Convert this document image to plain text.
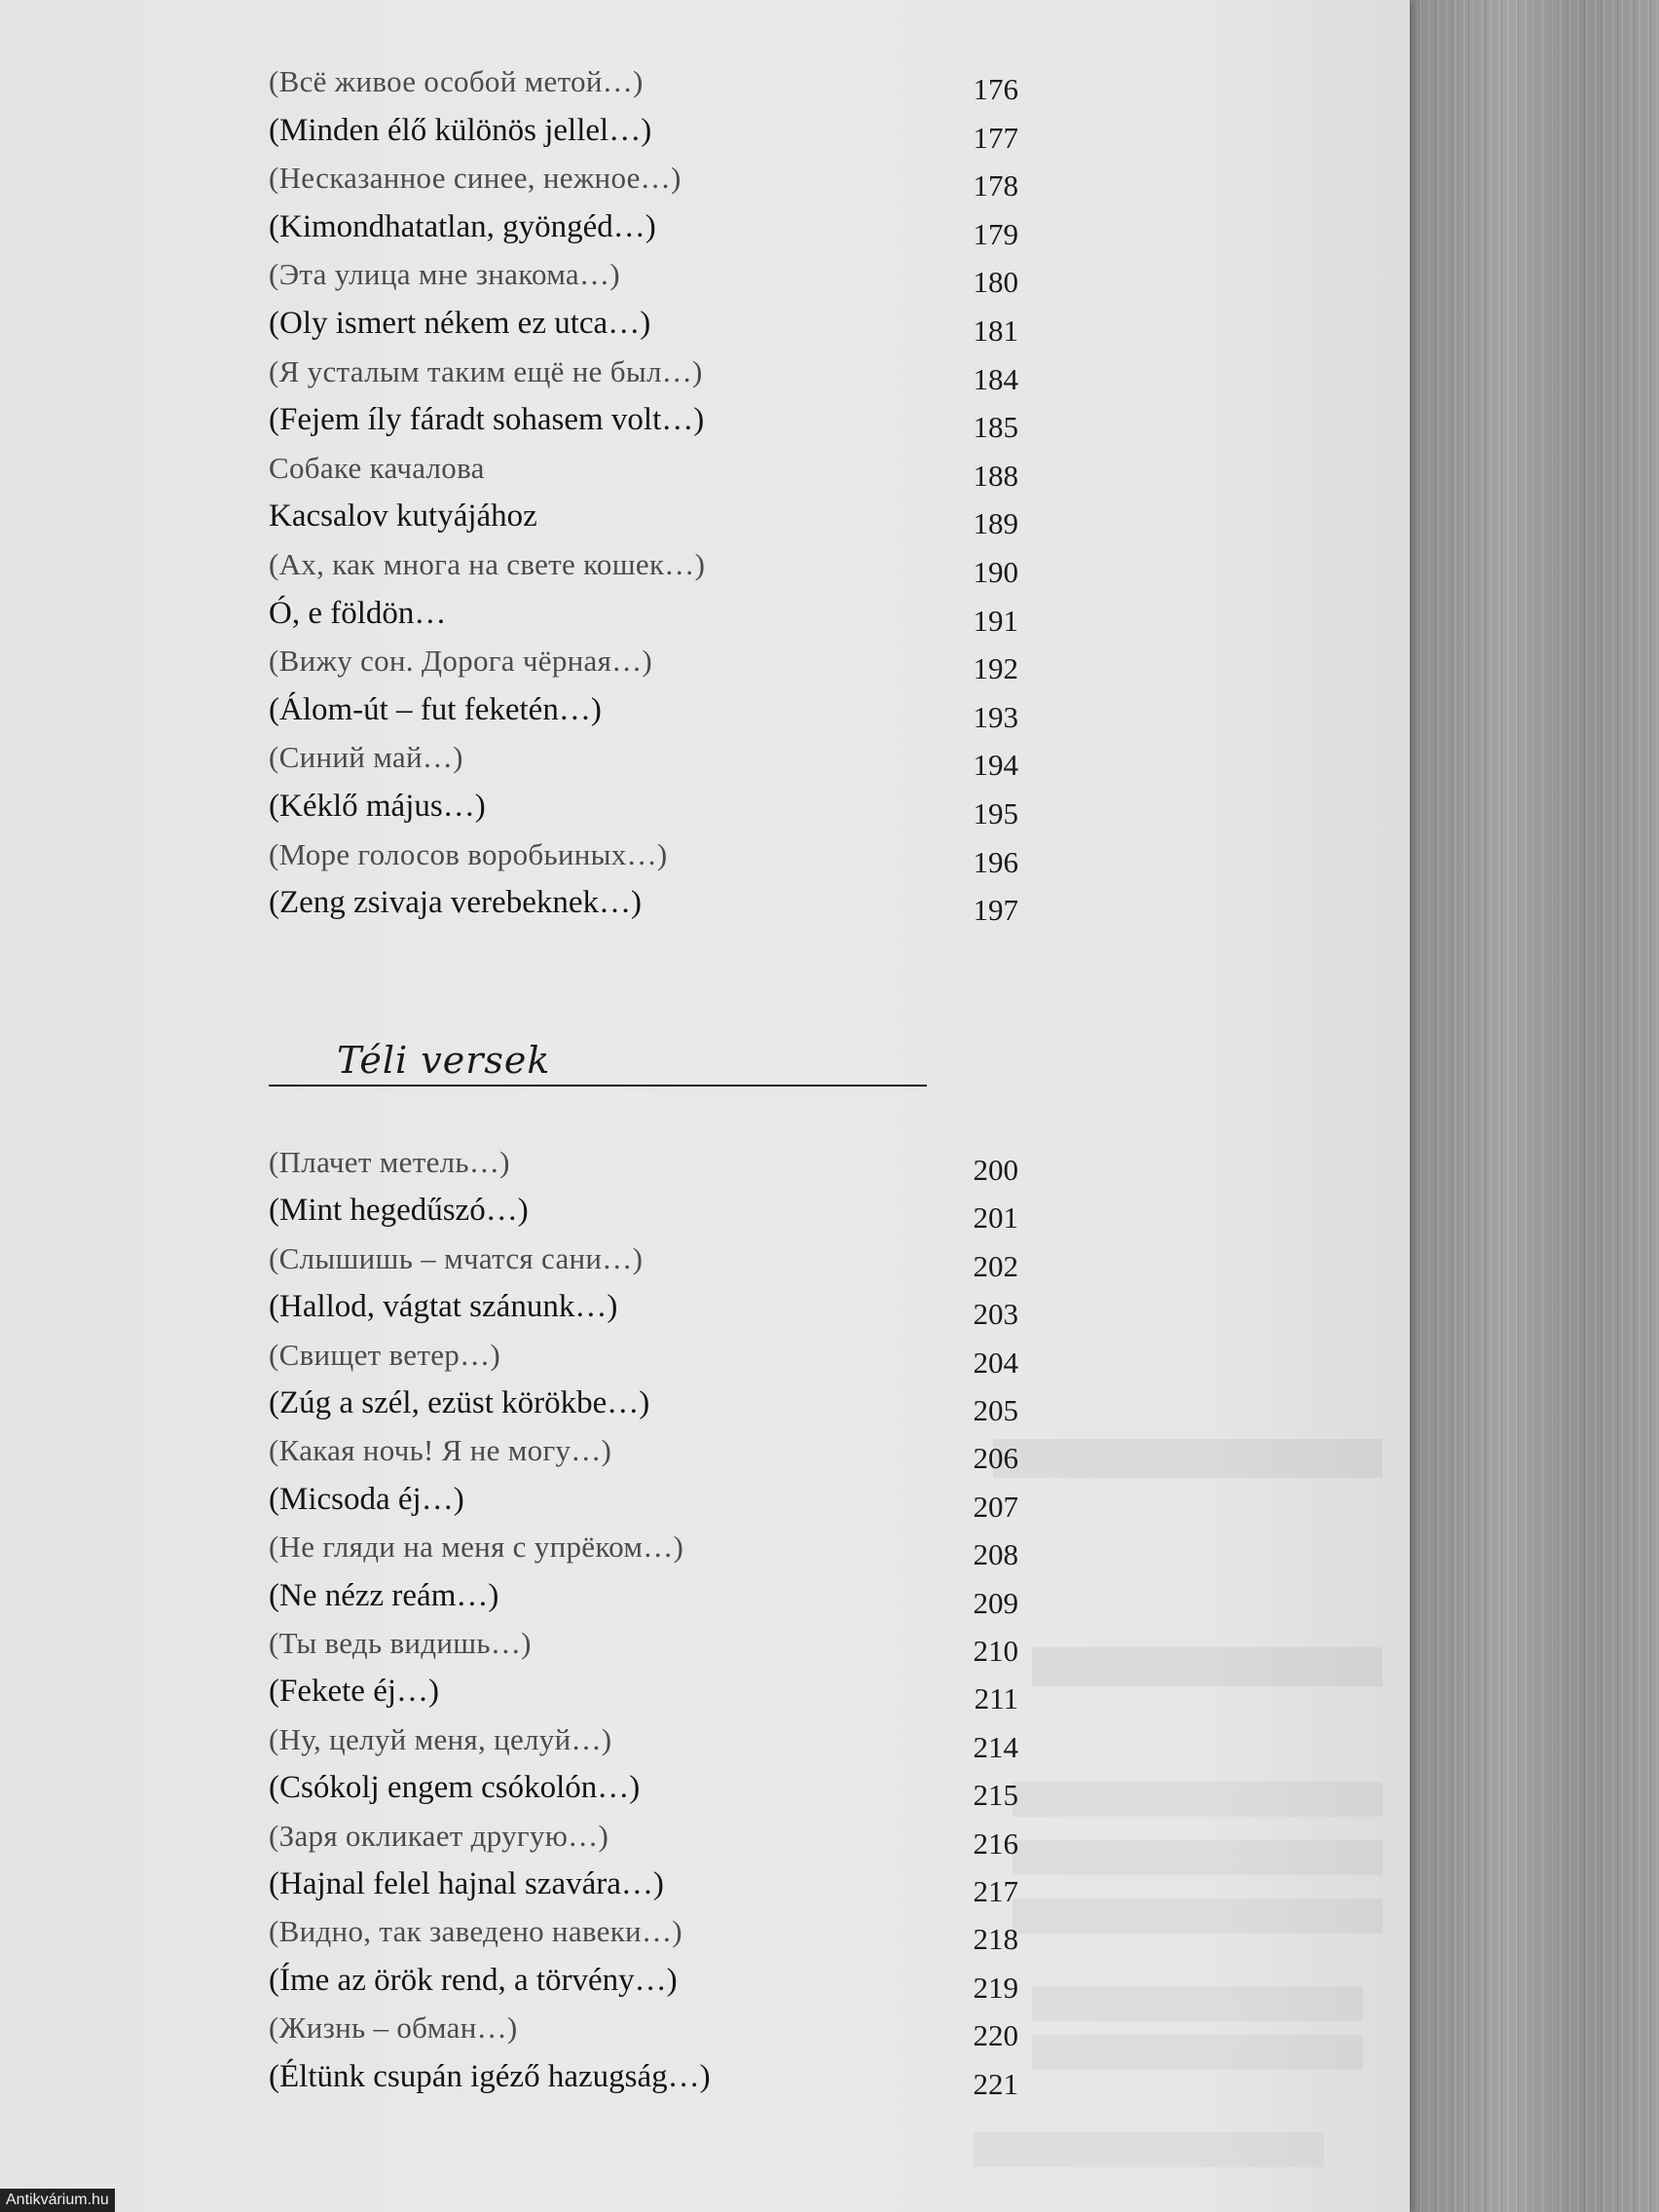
(Всё живое особой метой…)	176
(Minden élő különös jellel…)	177
(Несказанное синее, нежное…)	178
(Kimondhatatlan, gyöngéd…)	179
(Эта улица мне знакома…)	180
(Oly ismert nékem ez utca…)	181
(Я усталым таким ещё не был…)	184
(Fejem íly fáradt sohasem volt…)	185
Собаке качалова	188
Kacsalov kutyájához	189
(Ах, как многа на свете кошек…)	190
Ó, e földön…	191
(Вижу сон. Дорога чёрная…)	192
(Álom-út – fut feketén…)	193
(Синий май…)	194
(Kéklő május…)	195
(Море голосов воробьиных…)	196
(Zeng zsivaja verebeknek…)	197
Téli versek
(Плачет метель…)	200
(Mint hegedűszó…)	201
(Слышишь – мчатся сани…)	202
(Hallod, vágtat szánunk…)	203
(Свищет ветер…)	204
(Zúg a szél, ezüst körökbe…)	205
(Какая ночь! Я не могу…)	206
(Micsoda éj…)	207
(Не гляди на меня с упрёком…)	208
(Ne nézz reám…)	209
(Ты ведь видишь…)	210
(Fekete éj…)	211
(Ну, целуй меня, целуй…)	214
(Csókolj engem csókolón…)	215
(Заря окликает другую…)	216
(Hajnal felel hajnal szavára…)	217
(Видно, так заведено навеки…)	218
(Íme az örök rend, a törvény…)	219
(Жизнь – обман…)	220
(Éltünk csupán igéző hazugság…)	221
Antikvárium.hu
